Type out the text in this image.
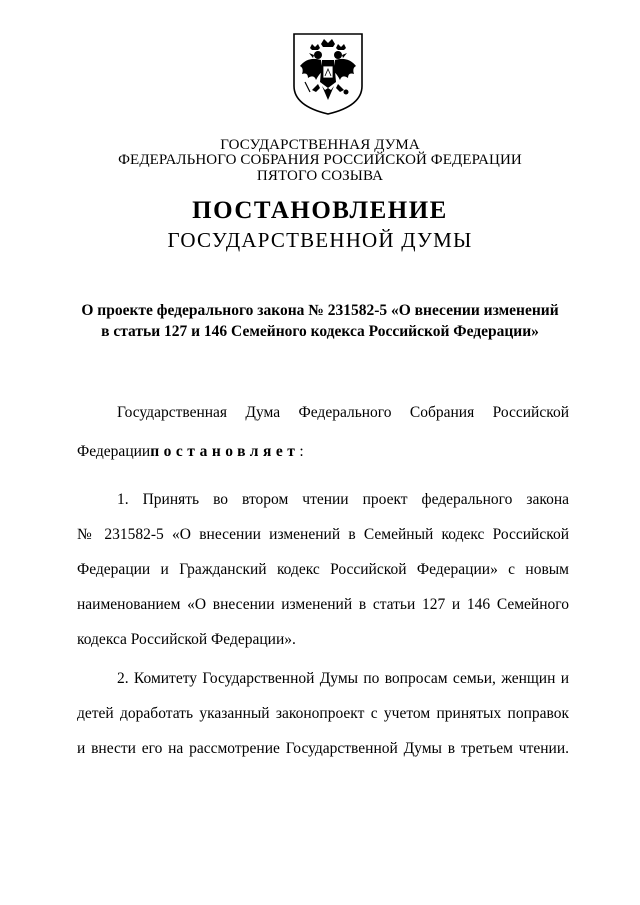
ГОСУДАРСТВЕННАЯ ДУМА
ФЕДЕРАЛЬНОГО СОБРАНИЯ РОССИЙСКОЙ ФЕДЕРАЦИИ
ПЯТОГО СОЗЫВА
ПОСТАНОВЛЕНИЕ
ГОСУДАРСТВЕННОЙ ДУМЫ
О проекте федерального закона № 231582-5 «О внесении изменений
в статьи 127 и 146 Семейного кодекса Российской Федерации»
Государственная Дума Федерального Собрания Российской
Федерациипостановляет:
1. Принять во втором чтении проект федерального закона
№ 231582-5 «О внесении изменений в Семейный кодекс Российской
Федерации и Гражданский кодекс Российской Федерации» с новым
наименованием «О внесении изменений в статьи 127 и 146 Семейного
кодекса Российской Федерации».
2. Комитету Государственной Думы по вопросам семьи, женщин и
детей доработать указанный законопроект с учетом принятых поправок
и внести его на рассмотрение Государственной Думы в третьем чтении.
